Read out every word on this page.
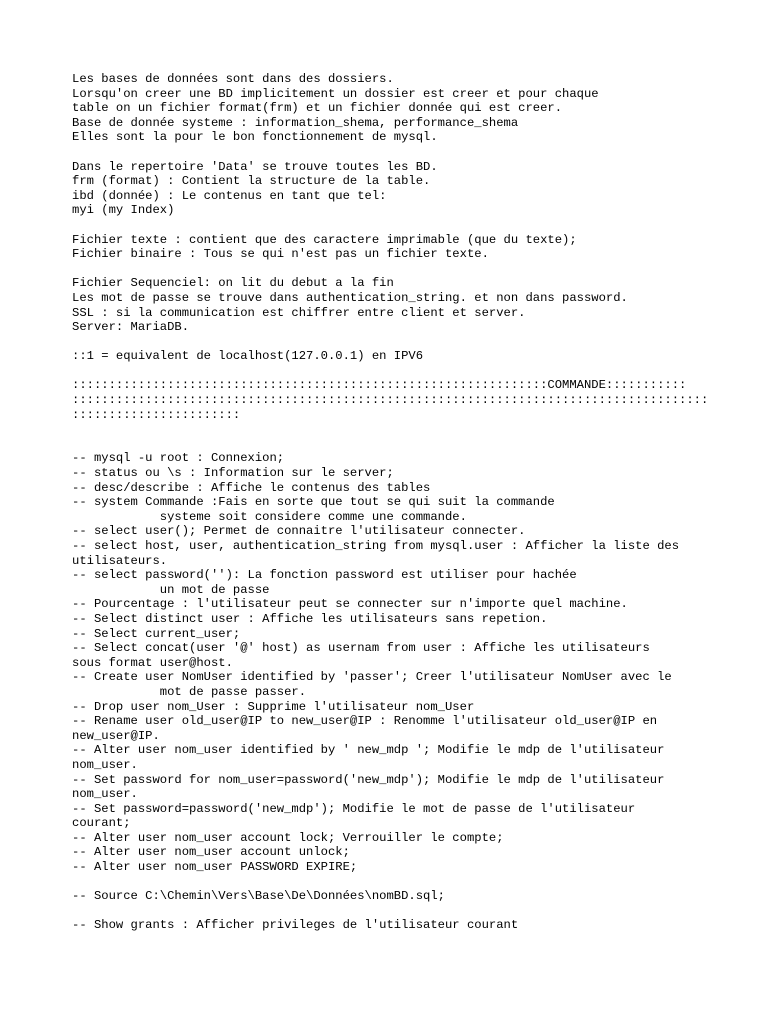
Les bases de données sont dans des dossiers.
Lorsqu'on creer une BD implicitement un dossier est creer et pour chaque
table on un fichier format(frm) et un fichier donnée qui est creer.
Base de donnée systeme : information_shema, performance_shema
Elles sont la pour le bon fonctionnement de mysql.
Dans le repertoire 'Data' se trouve toutes les BD.
frm (format) : Contient la structure de la table.
ibd (donnée) : Le contenus en tant que tel:
myi (my Index)
Fichier texte : contient que des caractere imprimable (que du texte);
Fichier binaire : Tous se qui n'est pas un fichier texte.
Fichier Sequenciel: on lit du debut a la fin
Les mot de passe se trouve dans authentication_string. et non dans password.
SSL : si la communication est chiffrer entre client et server.
Server: MariaDB.
::1 = equivalent de localhost(127.0.0.1) en IPV6
:::::::::::::::::::::::::::::::::::::::::::::::::::::::::::::::::COMMANDE:::::::::::
:::::::::::::::::::::::::::::::::::::::::::::::::::::::::::::::::::::::::::::::::::::::
:::::::::::::::::::::::
-- mysql -u root : Connexion;
-- status ou \s : Information sur le server;
-- desc/describe : Affiche le contenus des tables
-- system Commande :Fais en sorte que tout se qui suit la commande
systeme soit considere comme une commande.
-- select user(); Permet de connaitre l'utilisateur connecter.
-- select host, user, authentication_string from mysql.user : Afficher la liste des
utilisateurs.
-- select password(''): La fonction password est utiliser pour hachée
un mot de passe
-- Pourcentage : l'utilisateur peut se connecter sur n'importe quel machine.
-- Select distinct user : Affiche les utilisateurs sans repetion.
-- Select current_user;
-- Select concat(user '@' host) as usernam from user : Affiche les utilisateurs
sous format user@host.
-- Create user NomUser identified by 'passer'; Creer l'utilisateur NomUser avec le
mot de passe passer.
-- Drop user nom_User : Supprime l'utilisateur nom_User
-- Rename user old_user@IP to new_user@IP : Renomme l'utilisateur old_user@IP en
new_user@IP.
-- Alter user nom_user identified by ' new_mdp '; Modifie le mdp de l'utilisateur
nom_user.
-- Set password for nom_user=password('new_mdp'); Modifie le mdp de l'utilisateur
nom_user.
-- Set password=password('new_mdp'); Modifie le mot de passe de l'utilisateur
courant;
-- Alter user nom_user account lock; Verrouiller le compte;
-- Alter user nom_user account unlock;
-- Alter user nom_user PASSWORD EXPIRE;
-- Source C:\Chemin\Vers\Base\De\Données\nomBD.sql;
-- Show grants : Afficher privileges de l'utilisateur courant
